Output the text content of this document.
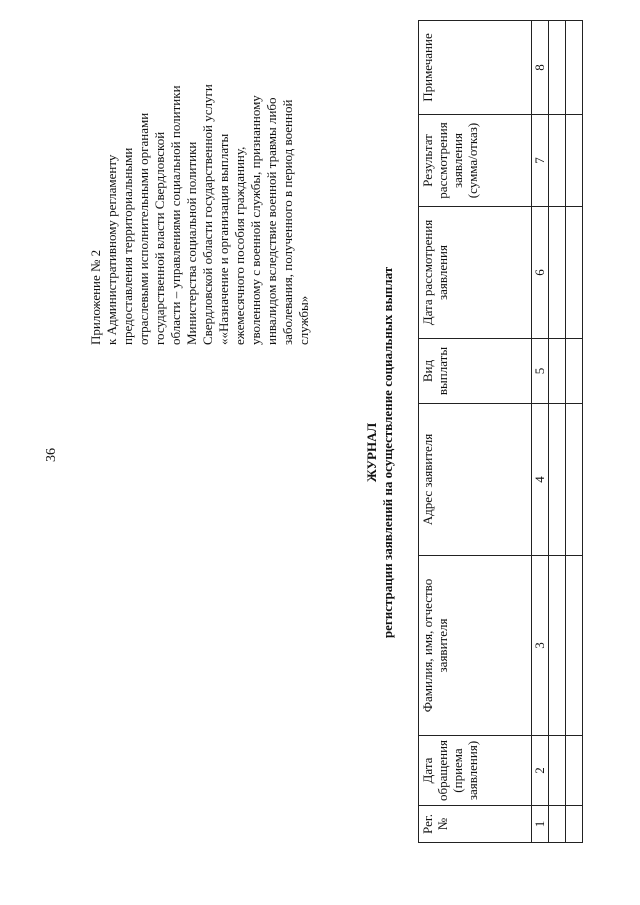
36
Приложение № 2 к Административному регламенту предоставления территориальными отраслевыми исполнительными органами государственной власти Свердловской области – управлениями социальной политики Министерства социальной политики Свердловской области государственной услуги ««Назначение и организация выплаты ежемесячного пособия гражданину, уволенному с военной службы, признанному инвалидом вследствие военной травмы либо заболевания, полученного в период военной службы»
ЖУРНАЛ регистрации заявлений на осуществление социальных выплат
Рег. №	Дата обращения (приема заявления)	Фамилия, имя, отчество заявителя	Адрес заявителя	Вид выплаты	Дата рассмотрения заявления	Результат рассмотрения заявления (сумма/отказ)	Примечание
1	2	3	4	5	6	7	8
